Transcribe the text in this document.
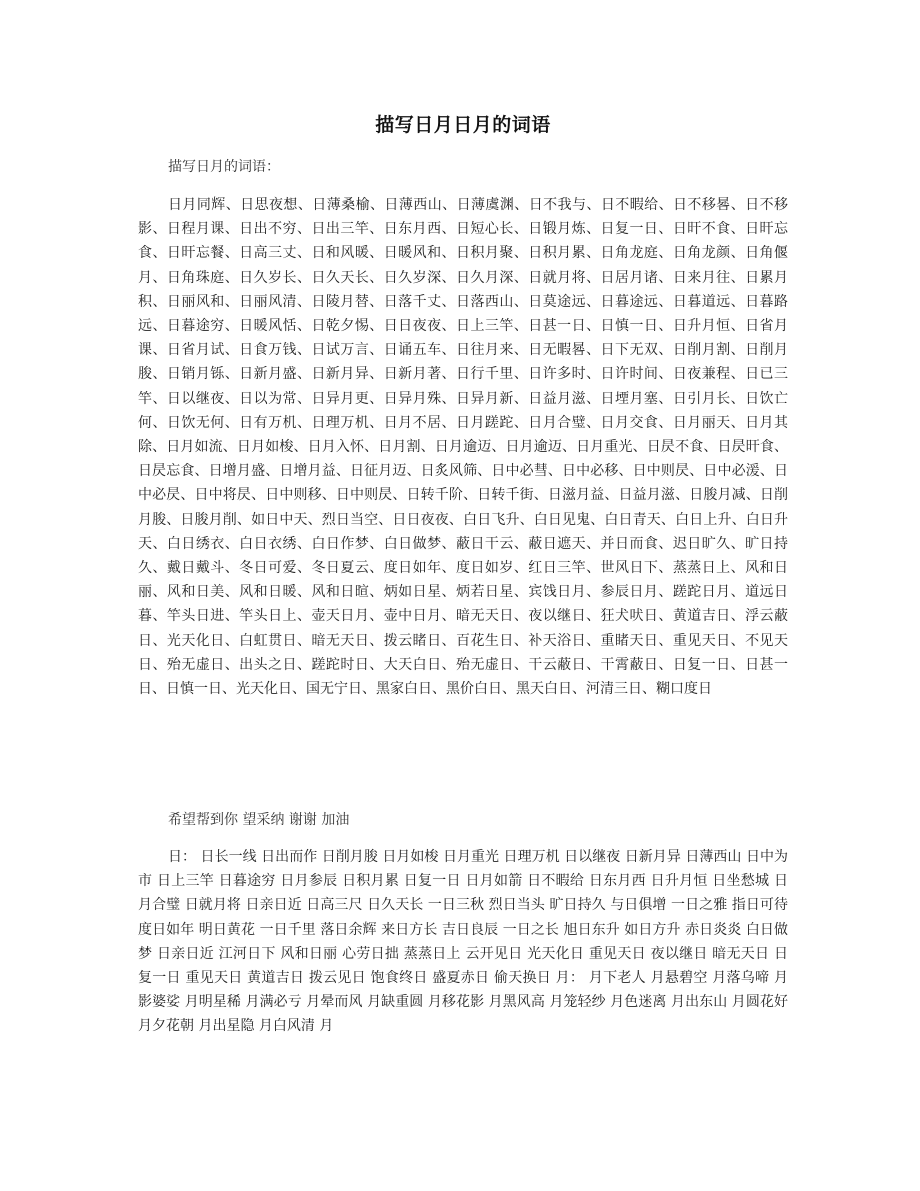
描写日月日月的词语
描写日月的词语：
日月同辉、日思夜想、日薄桑榆、日薄西山、日薄虞渊、日不我与、日不暇给、日不移晷、日不移影、日程月课、日出不穷、日出三竿、日东月西、日短心长、日锻月炼、日复一日、日旰不食、日旰忘食、日旰忘餐、日高三丈、日和风暖、日暖风和、日积月聚、日积月累、日角龙庭、日角龙颜、日角偃月、日角珠庭、日久岁长、日久天长、日久岁深、日久月深、日就月将、日居月诸、日来月往、日累月积、日丽风和、日丽风清、日陵月替、日落千丈、日落西山、日莫途远、日暮途远、日暮道远、日暮路远、日暮途穷、日暖风恬、日乾夕惕、日日夜夜、日上三竿、日甚一日、日慎一日、日升月恒、日省月课、日省月试、日食万钱、日试万言、日诵五车、日往月来、日无暇晷、日下无双、日削月割、日削月朘、日销月铄、日新月盛、日新月异、日新月著、日行千里、日许多时、日许时间、日夜兼程、日已三竿、日以继夜、日以为常、日异月更、日异月殊、日异月新、日益月滋、日堙月塞、日引月长、日饮亡何、日饮无何、日有万机、日理万机、日月不居、日月蹉跎、日月合璧、日月交食、日月丽天、日月其除、日月如流、日月如梭、日月入怀、日月割、日月逾迈、日月逾迈、日月重光、日昃不食、日昃旰食、日昃忘食、日增月盛、日增月益、日征月迈、日炙风筛、日中必彗、日中必移、日中则昃、日中必湲、日中必昃、日中将昃、日中则移、日中则昃、日转千阶、日转千街、日滋月益、日益月滋、日朘月减、日削月朘、日朘月削、如日中天、烈日当空、日日夜夜、白日飞升、白日见鬼、白日青天、白日上升、白日升天、白日绣衣、白日衣绣、白日作梦、白日做梦、蔽日干云、蔽日遮天、并日而食、迟日旷久、旷日持久、戴日戴斗、冬日可爱、冬日夏云、度日如年、度日如岁、红日三竿、世风日下、蒸蒸日上、风和日丽、风和日美、风和日暖、风和日暄、炳如日星、炳若日星、宾饯日月、参辰日月、蹉跎日月、道远日暮、竿头日进、竿头日上、壶天日月、壶中日月、暗无天日、夜以继日、狂犬吠日、黄道吉日、浮云蔽日、光天化日、白虹贯日、暗无天日、拨云睹日、百花生日、补天浴日、重睹天日、重见天日、不见天日、殆无虚日、出头之日、蹉跎时日、大天白日、殆无虚日、干云蔽日、干霄蔽日、日复一日、日甚一日、日慎一日、光天化日、国无宁日、黑家白日、黑价白日、黑天白日、河清三日、糊口度日
希望帮到你 望采纳 谢谢 加油
日： 日长一线 日出而作 日削月朘 日月如梭 日月重光 日理万机 日以继夜 日新月异 日薄西山 日中为市 日上三竿 日暮途穷 日月参辰 日积月累 日复一日 日月如箭 日不暇给 日东月西 日升月恒 日坐愁城 日月合璧 日就月将 日亲日近 日高三尺 日久天长 一日三秋 烈日当头 旷日持久 与日俱增 一日之雅 指日可待 度日如年 明日黄花 一日千里 落日余辉 来日方长 吉日良辰 一日之长 旭日东升 如日方升 赤日炎炎 白日做梦 日亲日近 江河日下 风和日丽 心劳日拙 蒸蒸日上 云开见日 光天化日 重见天日 夜以继日 暗无天日 日复一日 重见天日 黄道吉日 拨云见日 饱食终日 盛夏赤日 偷天换日 月： 月下老人 月悬碧空 月落乌啼 月影婆娑 月明星稀 月满必亏 月晕而风 月缺重圆 月移花影 月黑风高 月笼轻纱 月色迷离 月出东山 月圆花好 月夕花朝 月出星隐 月白风清 月
